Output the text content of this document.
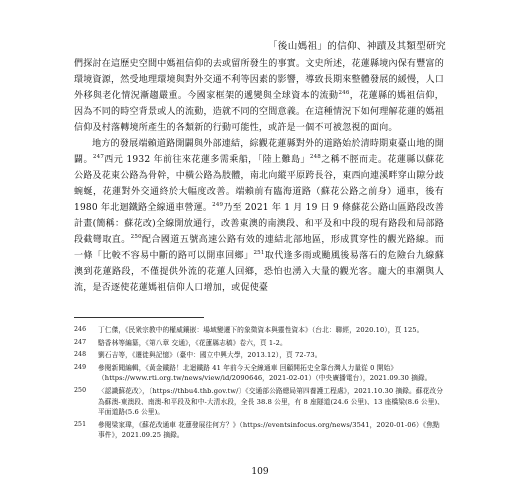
「後山媽祖」的信仰、神蹟及其類型研究

們探討在這歷史空間中媽祖信仰的去或留所發生的事實。文史所述，花蓮縣境內保有豐富的環境資源，然受地理環境與對外交通不利等因素的影響，導致長期來整體發展的緩慢，人口外移與老化情況漸趨嚴重。今國家框架的遞變與全球資本的流動$^{246}$，花蓮縣的媽祖信仰，因為不同的時空背景或人的流動，造就不同的空間意義。在這種情況下如何理解花蓮的媽祖信仰及村落轉境所產生的各類新的行動可能性，或許是一個不可被忽視的面向。

地方的發展端賴道路開闢與外部連結，綜觀花蓮縣對外的道路始於清時期東臺山地的開闢。$^{247}$西元 1932 年前往來花蓮多需乘船，「陸上難島」$^{248}$之稱不脛而走。花蓮縣以蘇花公路及花東公路為骨幹，中橫公路為肢體，南北向縱平原跨長谷，東西向連溪畔穿山隙分歧蜿蜒，花蓮對外交通終於大幅度改善。端賴前有臨海道路（蘇花公路之前身）通車，後有 1980 年北迴鐵路全線通車營運。$^{249}$乃至 2021 年 1 月 19 日 9 條蘇花公路山區路段改善計畫(簡稱：蘇花改)全線開放通行，改善東澳的南澳段、和平及和中段的現有路段和局部路段截彎取直。$^{250}$配合國道五號高速公路有效的連結北部地區，形成貫穿性的觀光路線。而一條「比較不容易中斷的路可以開車回鄉」$^{251}$取代逢多雨或颱風後易落石的危險台九線蘇澳到花蓮路段，不僅提供外流的花蓮人回鄉，恐怕也湧入大量的觀光客。龐大的車潮與人流，是否逐使花蓮媽祖信仰人口增加，或促使臺

246 丁仁傑，《民衆宗教中的權威鑲嵌：場域變遷下的象徵資本與靈性資本》（台北：聯經，2020.10），頁 125。
247 駱香林等編纂，《第八章 交通》，《花蓮縣志稿》卷六，頁 1-2。
248 劉石吉等，《遷徙與記憶》（臺中：國立中興大學，2013.12），頁 72-73。
249 參閱新聞編輯，《黃金鐵路！北迴鐵路 41 年前今天全線通車 回顧開拓史全靠台灣人力量從 0 開始》（https://www.rti.org.tw/news/view/id/2090646，2021-02-01）（中央廣播電台），2021.09.30 摘錄。
250 〈認識蘇花改〉，〔https://thbu4.thb.gov.tw/〕《交通部公路總局第四養護工程處》，2021.10.30 摘錄。蘇花改分為蘇澳-東澳段、南澳-和平段及和中-大清水段，全長 38.8 公里，有 8 座隧道(24.6 公里)、13 座橋梁(8.6 公里)、平面道路(5.6 公里)。
251 參閱梁家瑋，《蘇花改通車 花蓮發展往何方？》（https://eventsinfocus.org/news/3541，2020-01-06）《焦點事件》，2021.09.25 摘錄。
109
